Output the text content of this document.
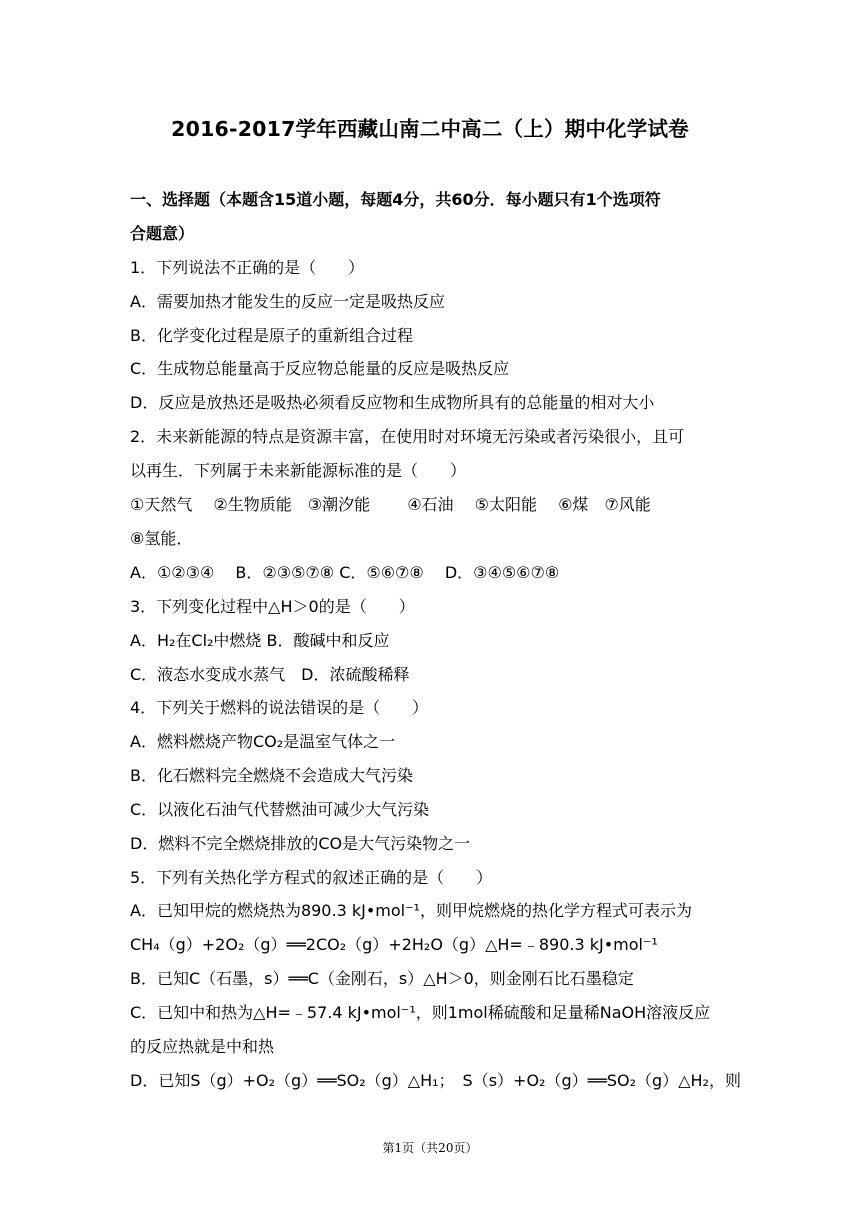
2016-2017学年西藏山南二中高二（上）期中化学试卷
一、选择题（本题含15道小题，每题4分，共60分．每小题只有1个选项符
合题意）
1．下列说法不正确的是（　　）
A．需要加热才能发生的反应一定是吸热反应
B．化学变化过程是原子的重新组合过程
C．生成物总能量高于反应物总能量的反应是吸热反应
D．反应是放热还是吸热必须看反应物和生成物所具有的总能量的相对大小
2．未来新能源的特点是资源丰富，在使用时对环境无污染或者污染很小，且可
以再生．下列属于未来新能源标准的是（　　）
①天然气　 ②生物质能　③潮汐能　　 ④石油　 ⑤太阳能　 ⑥煤　⑦风能
⑧氢能．
A．①②③④　 B．②③⑤⑦⑧ C．⑤⑥⑦⑧　 D．③④⑤⑥⑦⑧
3．下列变化过程中△H＞0的是（　　）
A．H₂在Cl₂中燃烧 B．酸碱中和反应
C．液态水变成水蒸气　D．浓硫酸稀释
4．下列关于燃料的说法错误的是（　　）
A．燃料燃烧产物CO₂是温室气体之一
B．化石燃料完全燃烧不会造成大气污染
C．以液化石油气代替燃油可减少大气污染
D．燃料不完全燃烧排放的CO是大气污染物之一
5．下列有关热化学方程式的叙述正确的是（　　）
A．已知甲烷的燃烧热为890.3 kJ•mol⁻¹，则甲烷燃烧的热化学方程式可表示为
CH₄（g）+2O₂（g）══2CO₂（g）+2H₂O（g）△H=﹣890.3 kJ•mol⁻¹
B．已知C（石墨，s）══C（金刚石，s）△H＞0，则金刚石比石墨稳定
C．已知中和热为△H=﹣57.4 kJ•mol⁻¹，则1mol稀硫酸和足量稀NaOH溶液反应
的反应热就是中和热
D．已知S（g）+O₂（g）══SO₂（g）△H₁；　S（s）+O₂（g）══SO₂（g）△H₂，则
第1页（共20页）
